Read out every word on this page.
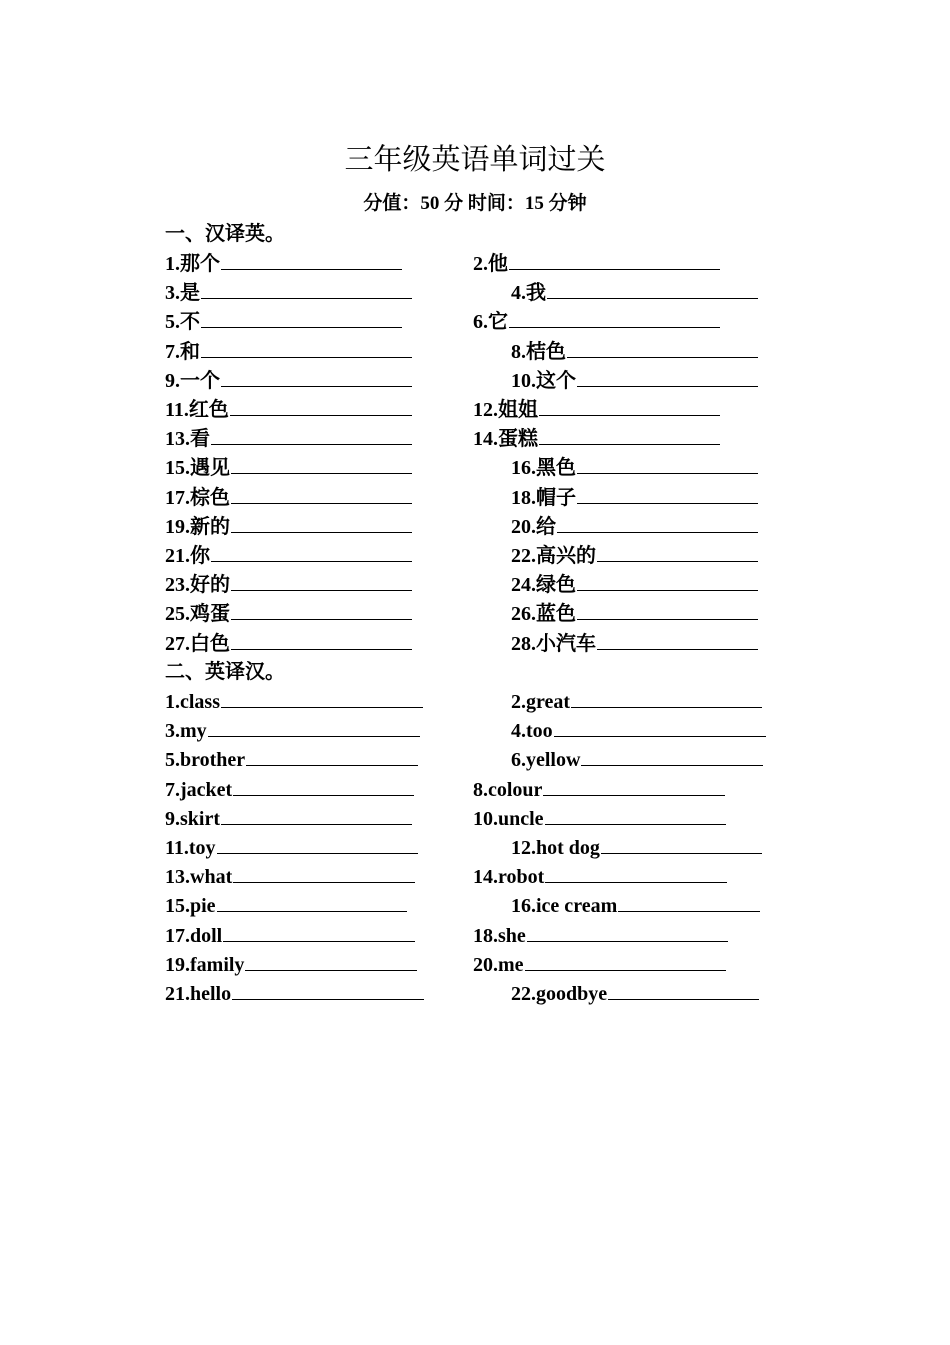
三年级英语单词过关
分值：50 分 时间：15 分钟
一、汉译英。
二、英译汉。
1.那个	2.他
3.是	4.我
5.不	6.它
7.和	8.桔色
9.一个	10.这个
11.红色	12.姐姐
13.看	14.蛋糕
15.遇见	16.黑色
17.棕色	18.帽子
19.新的	20.给
21.你	22.高兴的
23.好的	24.绿色
25.鸡蛋	26.蓝色
27.白色	28.小汽车
1.class	2.great
3.my	4.too
5.brother	6.yellow
7.jacket	8.colour
9.skirt	10.uncle
11.toy	12.hot dog
13.what	14.robot
15.pie	16.ice cream
17.doll	18.she
19.family	20.me
21.hello	22.goodbye
